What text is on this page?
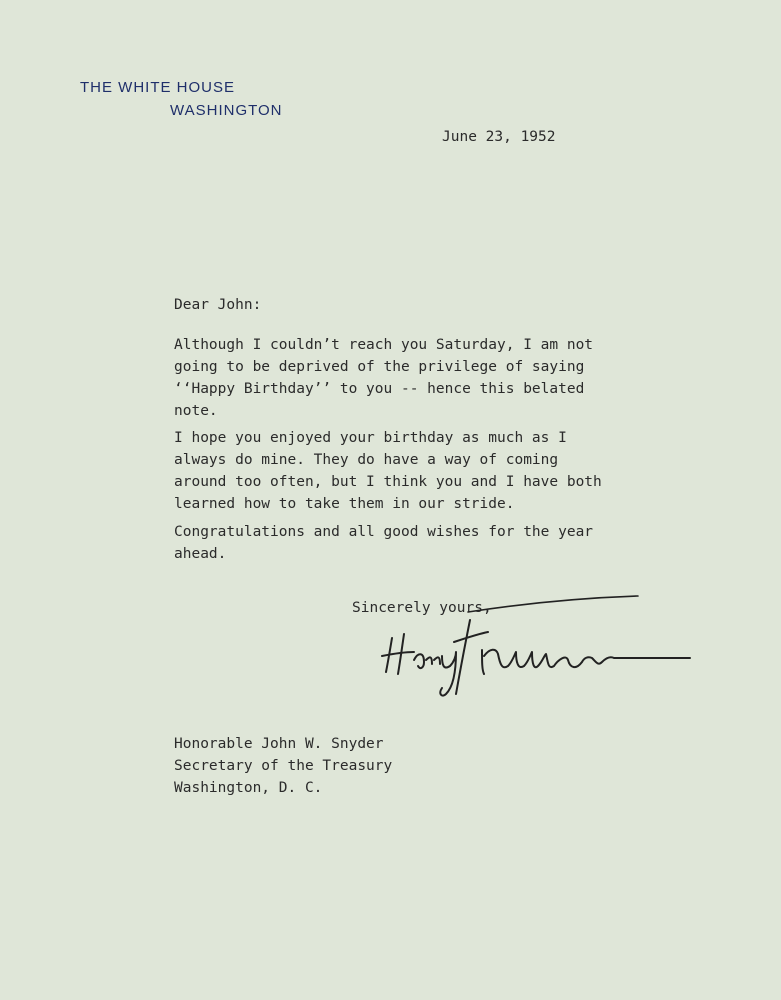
THE WHITE HOUSE
WASHINGTON
June 23, 1952
Dear John:
Although I couldn’t reach you Saturday, I am not
going to be deprived of the privilege of saying
‘‘Happy Birthday’’ to you -- hence this belated
note.
I hope you enjoyed your birthday as much as I
always do mine. They do have a way of coming
around too often, but I think you and I have both
learned how to take them in our stride.
Congratulations and all good wishes for the year
ahead.
Sincerely yours,
Honorable John W. Snyder
Secretary of the Treasury
Washington, D. C.
